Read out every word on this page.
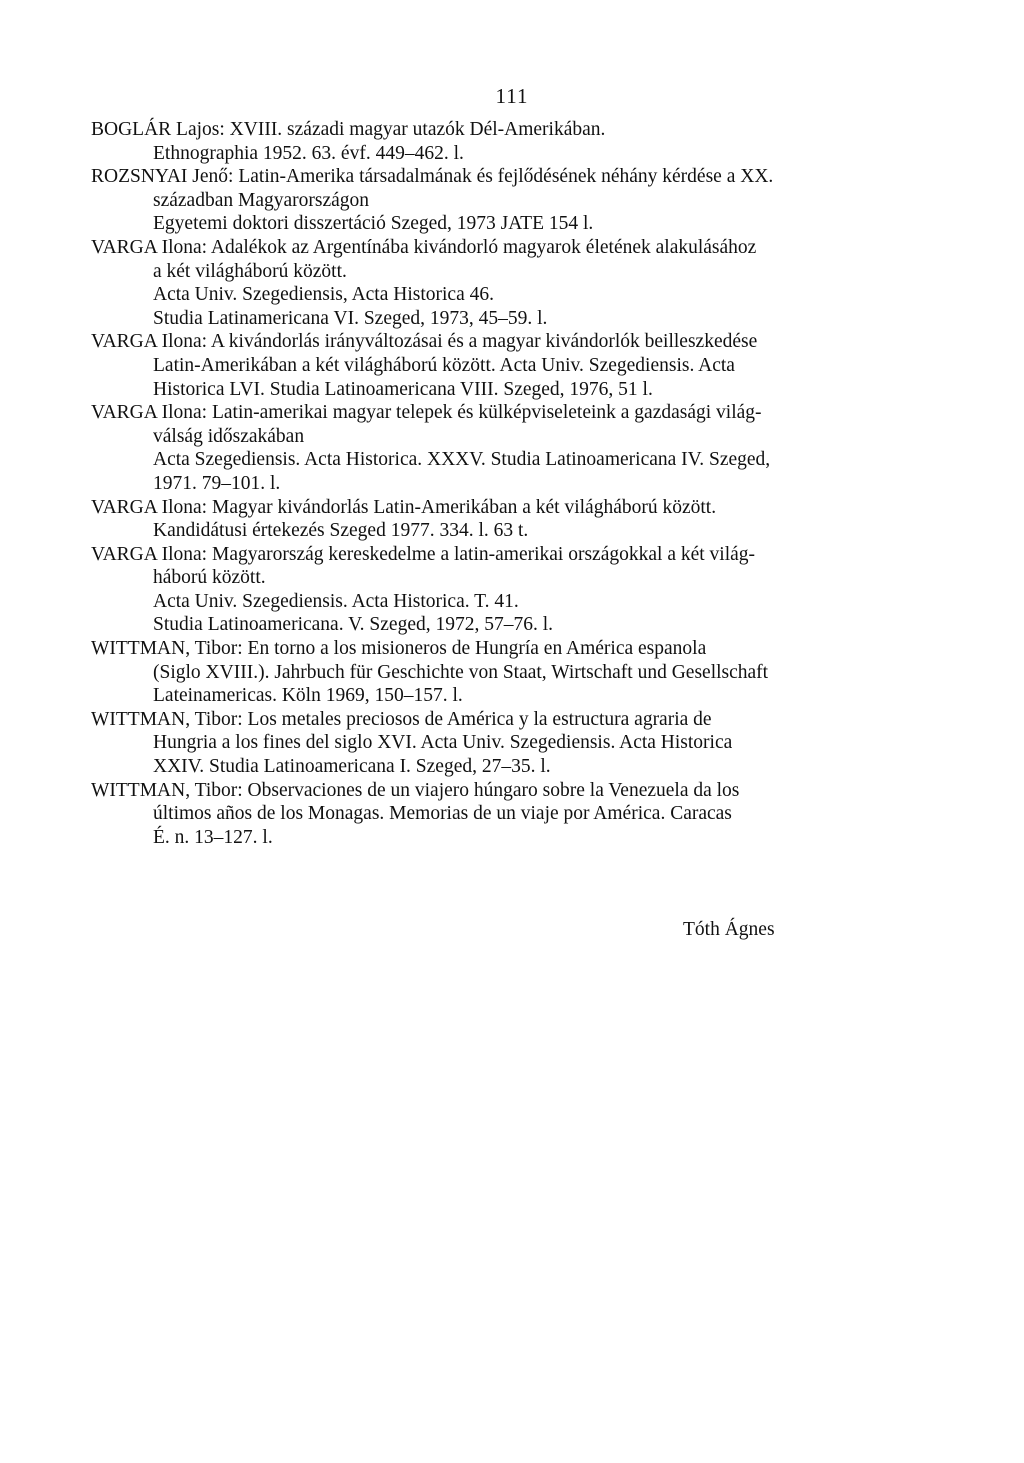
111
BOGLÁR Lajos: XVIII. századi magyar utazók Dél-Amerikában.
Ethnographia 1952. 63. évf. 449–462. l.
ROZSNYAI Jenő: Latin-Amerika társadalmának és fejlődésének néhány kérdése a XX.
században Magyarországon
Egyetemi doktori disszertáció Szeged, 1973 JATE 154 l.
VARGA Ilona: Adalékok az Argentínába kivándorló magyarok életének alakulásához
a két világháború között.
Acta Univ. Szegediensis, Acta Historica 46.
Studia Latinamericana VI. Szeged, 1973, 45–59. l.
VARGA Ilona: A kivándorlás irányváltozásai és a magyar kivándorlók beilleszkedése
Latin-Amerikában a két világháború között. Acta Univ. Szegediensis. Acta
Historica LVI. Studia Latinoamericana VIII. Szeged, 1976, 51 l.
VARGA Ilona: Latin-amerikai magyar telepek és külképviseleteink a gazdasági világ-
válság időszakában
Acta Szegediensis. Acta Historica. XXXV. Studia Latinoamericana IV. Szeged,
1971. 79–101. l.
VARGA Ilona: Magyar kivándorlás Latin-Amerikában a két világháború között.
Kandidátusi értekezés Szeged 1977. 334. l. 63 t.
VARGA Ilona: Magyarország kereskedelme a latin-amerikai országokkal a két világ-
háború között.
Acta Univ. Szegediensis. Acta Historica. T. 41.
Studia Latinoamericana. V. Szeged, 1972, 57–76. l.
WITTMAN, Tibor: En torno a los misioneros de Hungría en América espanola
(Siglo XVIII.). Jahrbuch für Geschichte von Staat, Wirtschaft und Gesellschaft
Lateinamericas. Köln 1969, 150–157. l.
WITTMAN, Tibor: Los metales preciosos de América y la estructura agraria de
Hungria a los fines del siglo XVI. Acta Univ. Szegediensis. Acta Historica
XXIV. Studia Latinoamericana I. Szeged, 27–35. l.
WITTMAN, Tibor: Observaciones de un viajero húngaro sobre la Venezuela da los
últimos años de los Monagas. Memorias de un viaje por América. Caracas
É. n. 13–127. l.
Tóth Ágnes
